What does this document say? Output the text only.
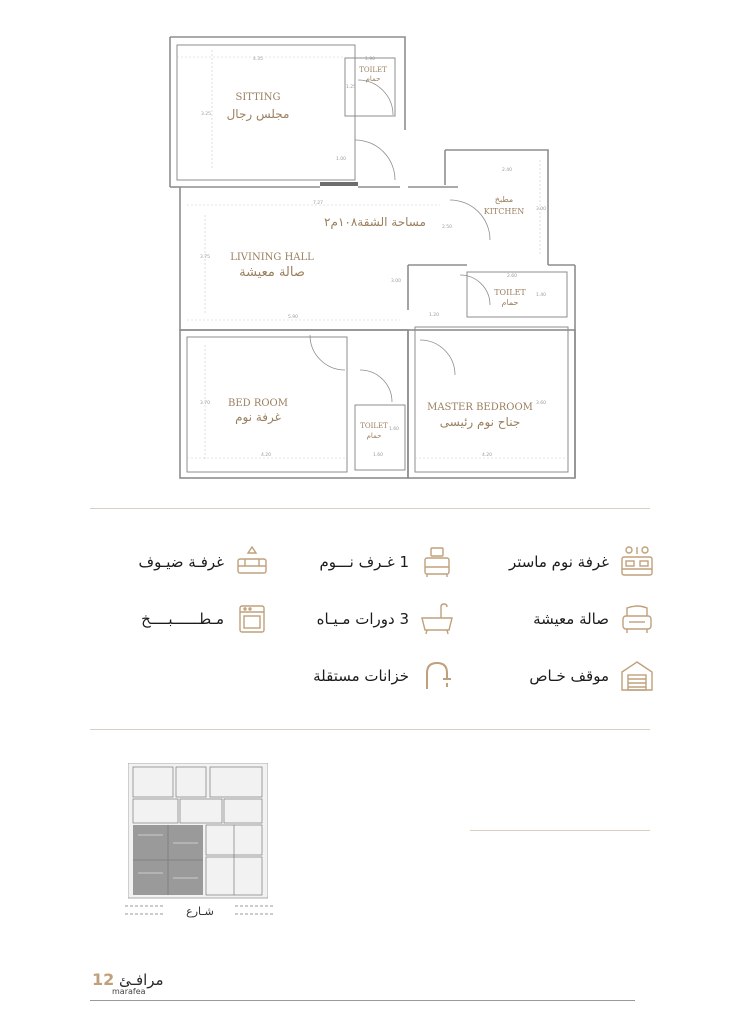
SITTING
مجلس رجال
TOILET
حمام
مطبخ
KITCHEN
مساحة الشقة١٠٨م٢
LIVINING HALL
صالة معيشة
TOILET
حمام
BED ROOM
غرفة نوم
TOILET
حمام
MASTER BEDROOM
جناح نوم رئيسى
4.35
3.25
1.90
1.25
1.00
2.40
3.00
7.27
3.75
5.90
3.00
2.50
2.60
1.40
1.20
4.20
3.70
1.60
1.60
4.20
3.60
غرفة نوم ماستر
1 غـرف نـــوم
غرفـة ضيـوف
صالة معيشة
3 دورات مـيـاه
مـطــــــبــــخ
موقف خـاص
خزانات مستقلة
شـارع
12 مرافـئ
marafea
